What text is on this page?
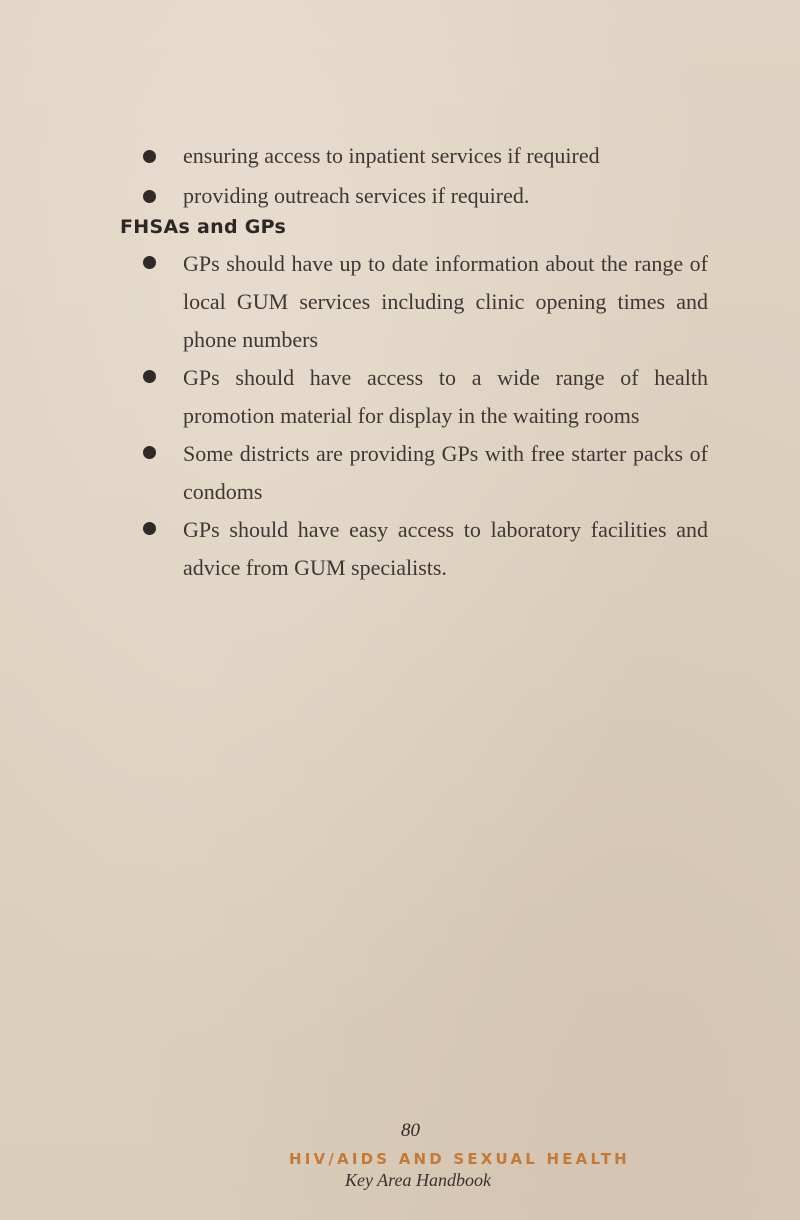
ensuring access to inpatient services if required
providing outreach services if required.
FHSAs and GPs
GPs should have up to date information about the range of local GUM services including clinic opening times and phone numbers
GPs should have access to a wide range of health promotion material for display in the waiting rooms
Some districts are providing GPs with free starter packs of condoms
GPs should have easy access to laboratory facilities and advice from GUM specialists.
80
HIV/AIDS AND SEXUAL HEALTH
Key Area Handbook
